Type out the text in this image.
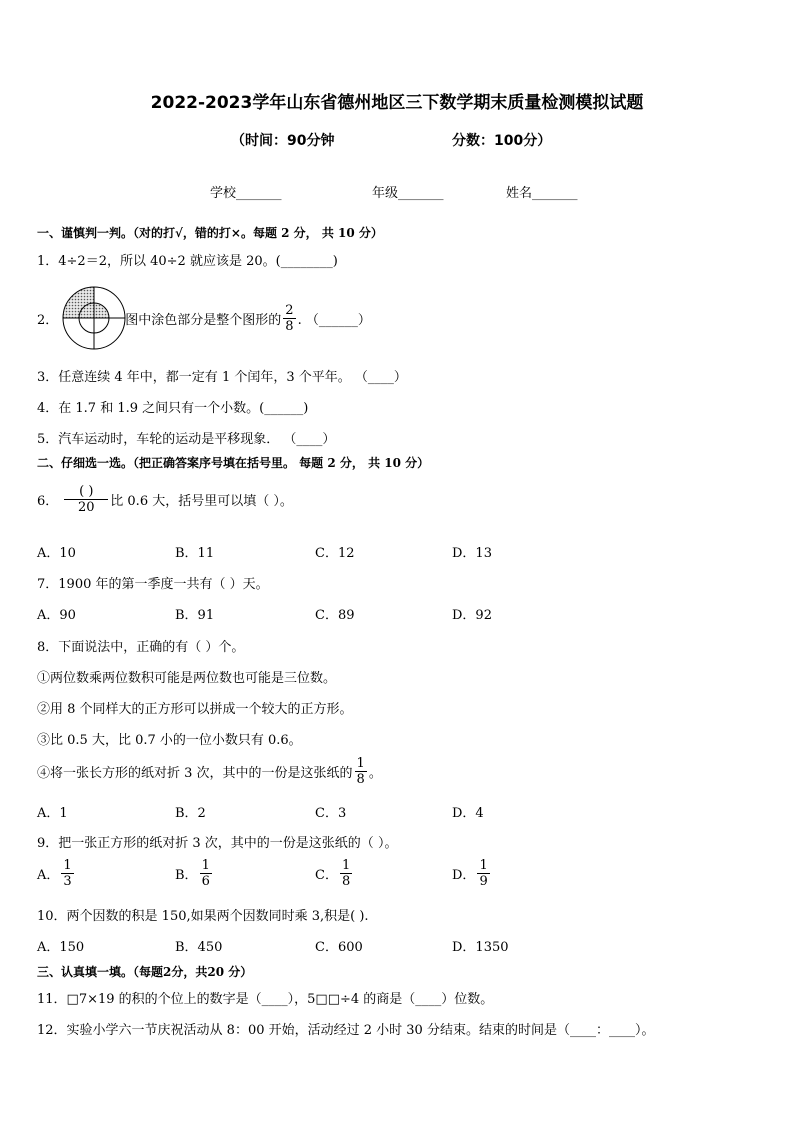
2022-2023学年山东省德州地区三下数学期末质量检测模拟试题
（时间：90分钟	分数：100分）
学校_______	年级_______	姓名_______
一、谨慎判一判。（对的打√，错的打×。每题 2 分， 共 10 分）
1．4÷2＝2，所以 40÷2 就应该是 20。(________)
2．	图中涂色部分是整个图形的 $\frac{2}{8}$ . （______）
3．任意连续 4 年中，都一定有 1 个闰年，3 个平年。 （____）
4．在 1.7 和 1.9 之间只有一个小数。(______)
5．汽车运动时，车轮的运动是平移现象． （____）
二、仔细选一选。（把正确答案序号填在括号里。 每题 2 分， 共 10 分）
6． $\frac{( )}{20}$ 比 0.6 大，括号里可以填（ ）。
A．10	B．11	C．12	D．13
7．1900 年的第一季度一共有（ ）天。
A．90	B．91	C．89	D．92
8．下面说法中，正确的有（ ）个。
①两位数乘两位数积可能是两位数也可能是三位数。
②用 8 个同样大的正方形可以拼成一个较大的正方形。
③比 0.5 大，比 0.7 小的一位小数只有 0.6。
④将一张长方形的纸对折 3 次，其中的一份是这张纸的 $\frac{1}{8}$ 。
A．1	B．2	C．3	D．4
9．把一张正方形的纸对折 3 次，其中的一份是这张纸的（ ）。
A． $\frac{1}{3}$	B． $\frac{1}{6}$	C． $\frac{1}{8}$	D． $\frac{1}{9}$
10．两个因数的积是 150,如果两个因数同时乘 3,积是( ).
A．150	B．450	C．600	D．1350
三、认真填一填。（每题2分，共20 分）
11．□7×19 的积的个位上的数字是（____），5□□÷4 的商是（____）位数。
12．实验小学六一节庆祝活动从 8：00 开始，活动经过 2 小时 30 分结束。结束的时间是（____：____）。
